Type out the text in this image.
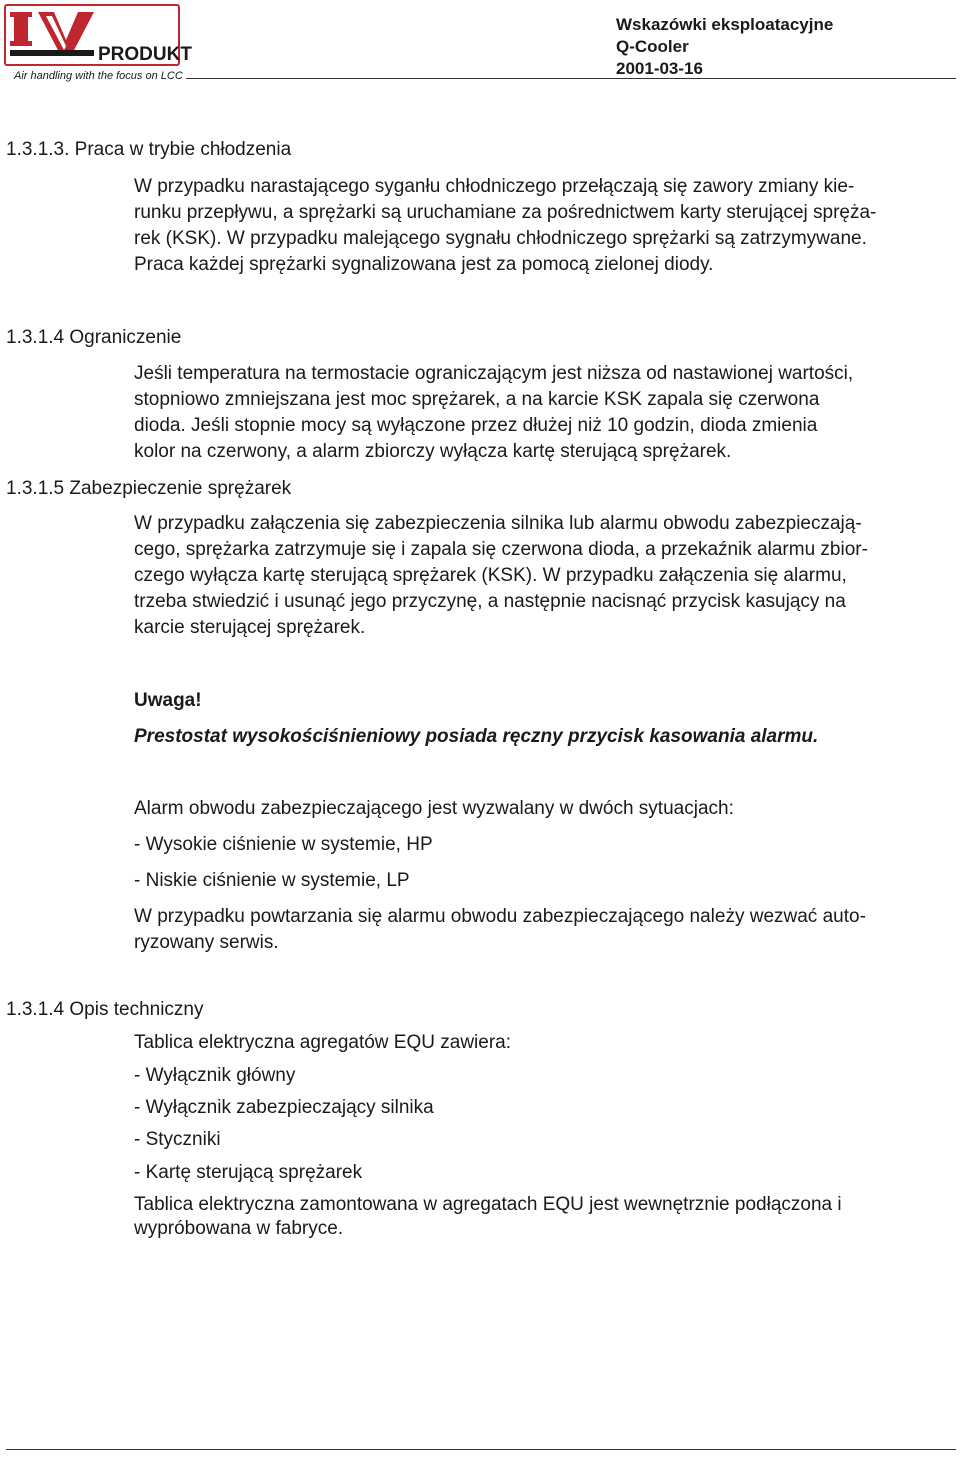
PRODUKT
Air handling with the focus on LCC
Wskazówki eksploatacyjne
Q-Cooler
2001-03-16
1.3.1.3. Praca w trybie chłodzenia
W przypadku narastającego syganłu chłodniczego przełączają się zawory zmiany kie-
runku przepływu, a sprężarki są uruchamiane za pośrednictwem karty sterującej spręża-
rek (KSK). W przypadku malejącego sygnału chłodniczego sprężarki są zatrzymywane.
Praca każdej sprężarki sygnalizowana jest za pomocą zielonej diody.
1.3.1.4 Ograniczenie
Jeśli temperatura na termostacie ograniczającym jest niższa od nastawionej wartości,
stopniowo zmniejszana jest moc sprężarek, a na karcie KSK zapala się czerwona
dioda. Jeśli stopnie mocy są wyłączone przez dłużej niż 10 godzin, dioda zmienia
kolor na czerwony, a alarm zbiorczy wyłącza kartę sterującą sprężarek.
1.3.1.5 Zabezpieczenie sprężarek
W przypadku załączenia się zabezpieczenia silnika lub alarmu obwodu zabezpieczają-
cego, sprężarka zatrzymuje się i zapala się czerwona dioda, a przekaźnik alarmu zbior-
czego wyłącza kartę sterującą sprężarek (KSK). W przypadku załączenia się alarmu,
trzeba stwiedzić i usunąć jego przyczynę, a następnie nacisnąć przycisk kasujący na
karcie sterującej sprężarek.
Uwaga!
Prestostat wysokościśnieniowy posiada ręczny przycisk kasowania alarmu.
Alarm obwodu zabezpieczającego jest wyzwalany w dwóch sytuacjach:
- Wysokie ciśnienie w systemie, HP
- Niskie ciśnienie w systemie, LP
W przypadku powtarzania się alarmu obwodu zabezpieczającego należy wezwać auto-
ryzowany serwis.
1.3.1.4 Opis techniczny
Tablica elektryczna agregatów EQU zawiera:
- Wyłącznik główny
- Wyłącznik zabezpieczający silnika
- Styczniki
- Kartę sterującą sprężarek
Tablica elektryczna zamontowana w agregatach EQU jest wewnętrznie podłączona i
wypróbowana w fabryce.
